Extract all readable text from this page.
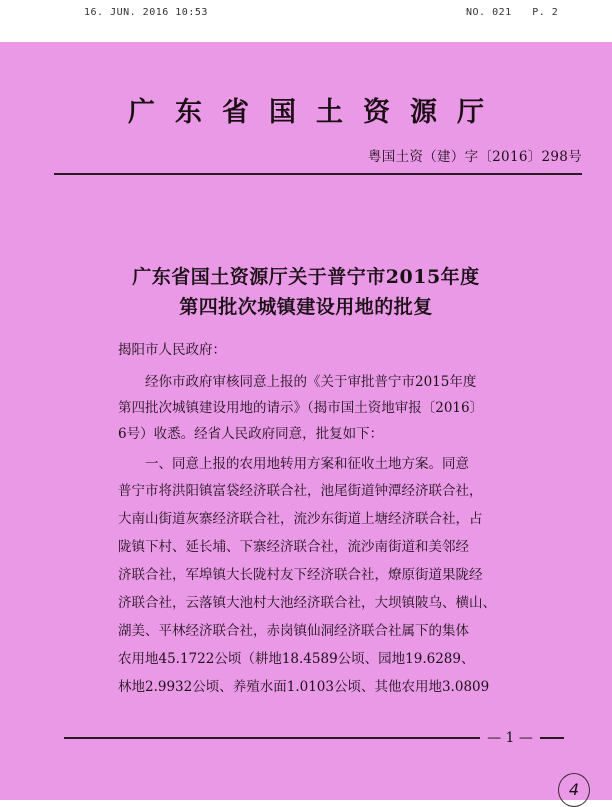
16. JUN. 2016 10:53	NO. 021 P. 2
广东省国土资源厅
粤国土资（建）字〔2016〕298号
广东省国土资源厅关于普宁市2015年度
第四批次城镇建设用地的批复
揭阳市人民政府：
　　经你市政府审核同意上报的《关于审批普宁市2015年度
第四批次城镇建设用地的请示》（揭市国土资地审报〔2016〕
6号）收悉。经省人民政府同意，批复如下：
　　一、同意上报的农用地转用方案和征收土地方案。同意
普宁市将洪阳镇富袋经济联合社，池尾街道钟潭经济联合社，
大南山街道灰寨经济联合社，流沙东街道上塘经济联合社，占
陇镇下村、延长埔、下寨经济联合社，流沙南街道和美邻经
济联合社，军埠镇大长陇村友下经济联合社，燎原街道果陇经
济联合社，云落镇大池村大池经济联合社，大坝镇陂乌、横山、
湖美、平林经济联合社，赤岗镇仙洞经济联合社属下的集体
农用地45.1722公顷（耕地18.4589公顷、园地19.6289、
林地2.9932公顷、养殖水面1.0103公顷、其他农用地3.0809
— 1 —
4
